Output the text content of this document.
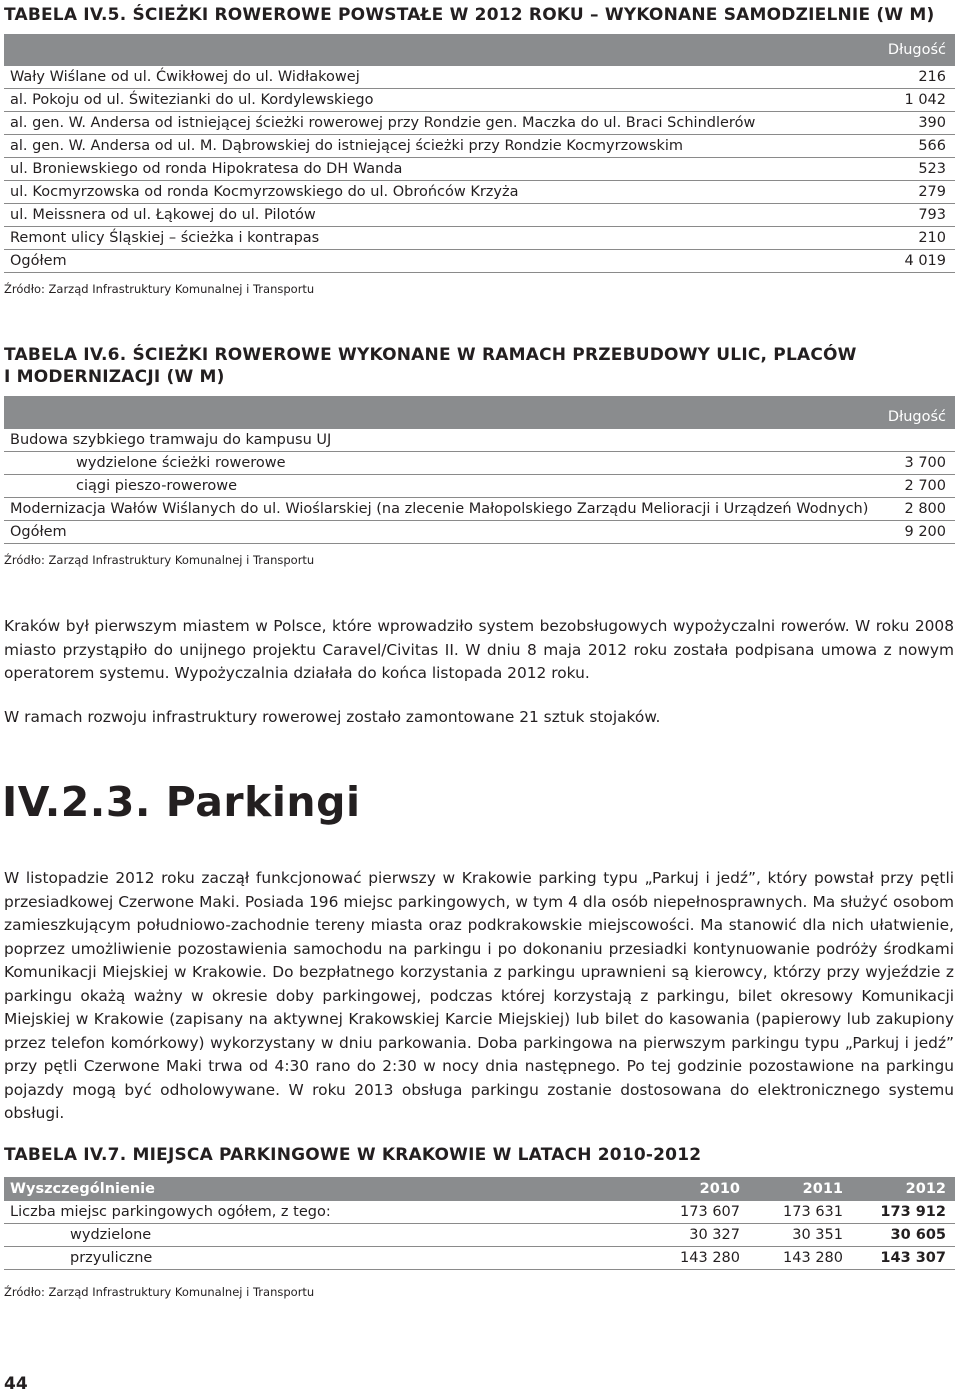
TABELA IV.5. ŚCIEŻKI ROWEROWE POWSTAŁE W 2012 ROKU – WYKONANE SAMODZIELNIE (W M)
	Długość
Wały Wiślane od ul. Ćwikłowej do ul. Widłakowej	216
al. Pokoju od ul. Świtezianki do ul. Kordylewskiego	1 042
al. gen. W. Andersa od istniejącej ścieżki rowerowej przy Rondzie gen. Maczka do ul. Braci Schindlerów	390
al. gen. W. Andersa od ul. M. Dąbrowskiej do istniejącej ścieżki przy Rondzie Kocmyrzowskim	566
ul. Broniewskiego od ronda Hipokratesa do DH Wanda	523
ul. Kocmyrzowska od ronda Kocmyrzowskiego do ul. Obrońców Krzyża	279
ul. Meissnera od ul. Łąkowej do ul. Pilotów	793
Remont ulicy Śląskiej – ścieżka i kontrapas	210
Ogółem	4 019
Źródło: Zarząd Infrastruktury Komunalnej i Transportu
TABELA IV.6. ŚCIEŻKI ROWEROWE WYKONANE W RAMACH PRZEBUDOWY ULIC, PLACÓW
I MODERNIZACJI (W M)
	Długość
Budowa szybkiego tramwaju do kampusu UJ	
wydzielone ścieżki rowerowe	3 700
ciągi pieszo-rowerowe	2 700
Modernizacja Wałów Wiślanych do ul. Wioślarskiej (na zlecenie Małopolskiego Zarządu Melioracji i Urządzeń Wodnych)	2 800
Ogółem	9 200
Źródło: Zarząd Infrastruktury Komunalnej i Transportu

Kraków był pierwszym miastem w Polsce, które wprowadziło system bezobsługowych wypożyczalni rowerów. W roku 2008 miasto przystąpiło do unijnego projektu Caravel/Civitas II. W dniu 8 maja 2012 roku została podpisana umowa z nowym operatorem systemu. Wypożyczalnia działała do końca listopada 2012 roku.

W ramach rozwoju infrastruktury rowerowej zostało zamontowane 21 sztuk stojaków.

IV.2.3. Parkingi

W listopadzie 2012 roku zaczął funkcjonować pierwszy w Krakowie parking typu „Parkuj i jedź”, który powstał przy pętli przesiadkowej Czerwone Maki. Posiada 196 miejsc parkingowych, w tym 4 dla osób niepełnosprawnych. Ma służyć osobom zamieszkującym południowo-zachodnie tereny miasta oraz podkrakowskie miejscowości. Ma stanowić dla nich ułatwienie, poprzez umożliwienie pozostawienia samochodu na parkingu i po dokonaniu przesiadki kontynuowanie podróży środkami Komunikacji Miejskiej w Krakowie. Do bezpłatnego korzystania z parkingu uprawnieni są kierowcy, którzy przy wyjeździe z parkingu okażą ważny w okresie doby parkingowej, podczas której korzystają z parkingu, bilet okresowy Komunikacji Miejskiej w Krakowie (zapisany na aktywnej Krakowskiej Karcie Miejskiej) lub bilet do kasowania (papierowy lub zakupiony przez telefon komórkowy) wykorzystany w dniu parkowania. Doba parkingowa na pierwszym parkingu typu „Parkuj i jedź” przy pętli Czerwone Maki trwa od 4:30 rano do 2:30 w nocy dnia następnego. Po tej godzinie pozostawione na parkingu pojazdy mogą być odholowywane. W roku 2013 obsługa parkingu zostanie dostosowana do elektronicznego systemu obsługi.

TABELA IV.7. MIEJSCA PARKINGOWE W KRAKOWIE W LATACH 2010-2012
Wyszczególnienie	2010	2011	2012
Liczba miejsc parkingowych ogółem, z tego:	173 607	173 631	173 912
wydzielone	30 327	30 351	30 605
przyuliczne	143 280	143 280	143 307
Źródło: Zarząd Infrastruktury Komunalnej i Transportu
44
